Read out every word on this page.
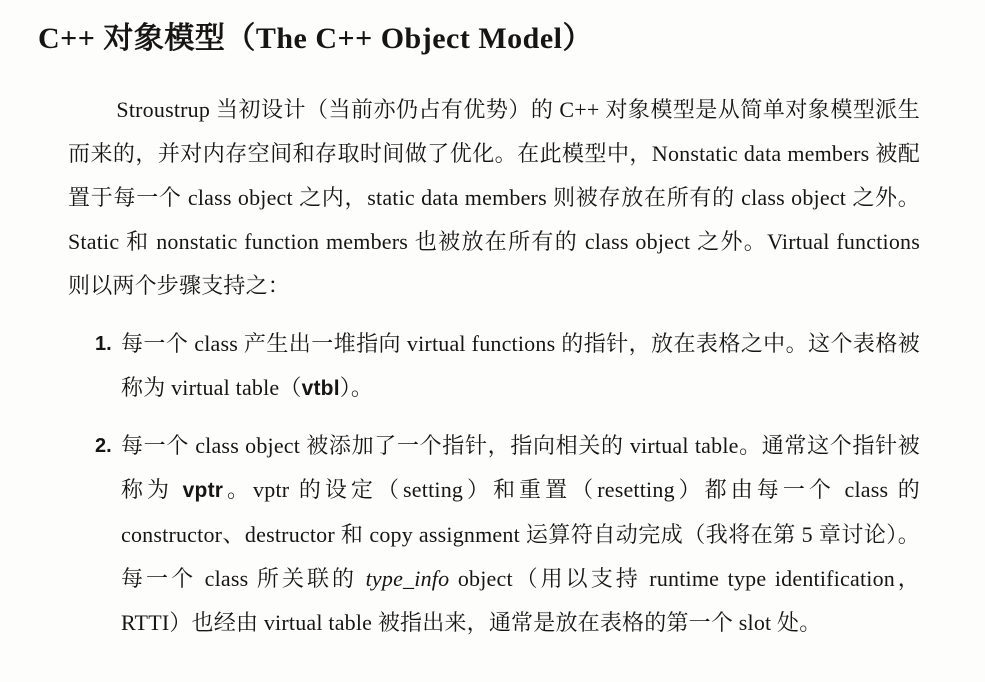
C++ 对象模型（The C++ Object Model）

Stroustrup 当初设计（当前亦仍占有优势）的 C++ 对象模型是从简单对象模型派生而来的，并对内存空间和存取时间做了优化。在此模型中，Nonstatic data members 被配置于每一个 class object 之内，static data members 则被存放在所有的 class object 之外。Static 和 nonstatic function members 也被放在所有的 class object 之外。Virtual functions 则以两个步骤支持之：

1. 每一个 class 产生出一堆指向 virtual functions 的指针，放在表格之中。这个表格被称为 virtual table（vtbl）。
2. 每一个 class object 被添加了一个指针，指向相关的 virtual table。通常这个指针被称为 vptr。vptr 的设定（setting）和重置（resetting）都由每一个 class 的 constructor、destructor 和 copy assignment 运算符自动完成（我将在第 5 章讨论）。每一个 class 所关联的 type_info object（用以支持 runtime type identification，RTTI）也经由 virtual table 被指出来，通常是放在表格的第一个 slot 处。
